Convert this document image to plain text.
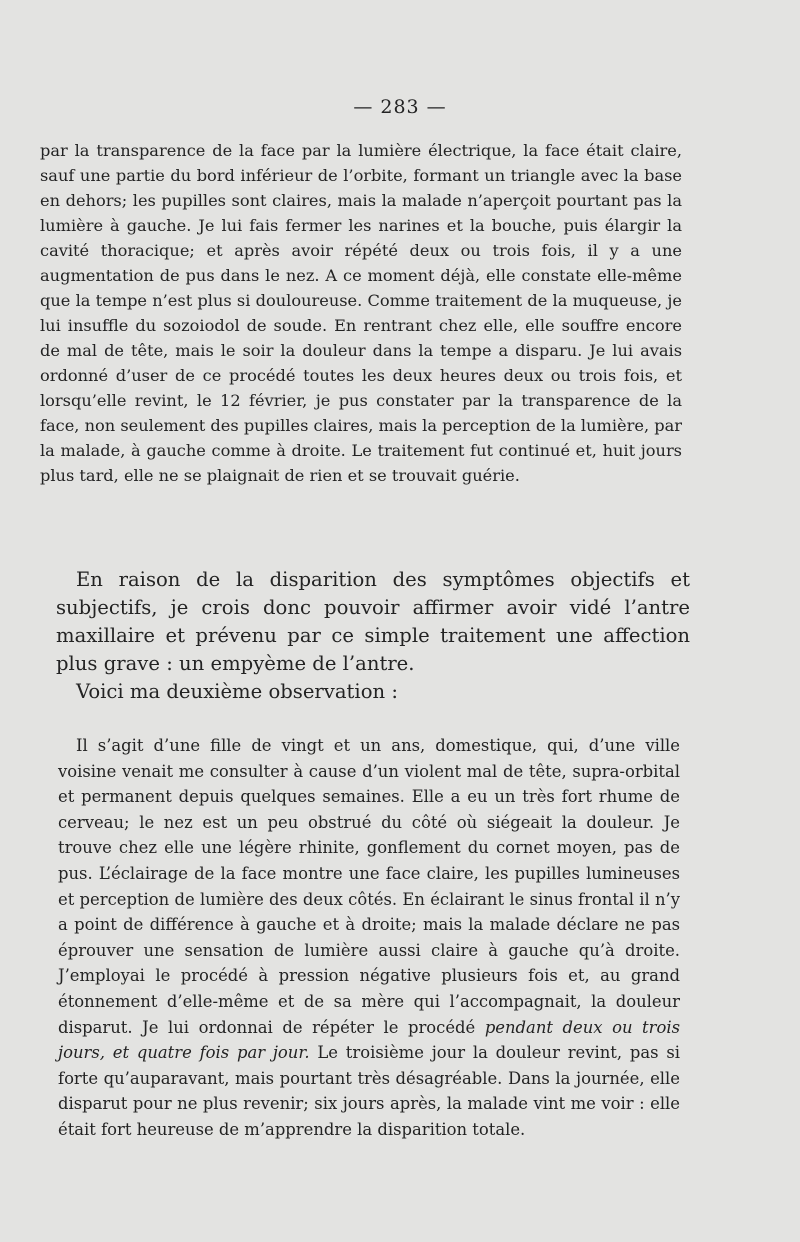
— 283 —

par la transparence de la face par la lumière électrique, la face était claire, sauf une partie du bord inférieur de l’orbite, formant un triangle avec la base en dehors; les pupilles sont claires, mais la malade n’aperçoit pourtant pas la lumière à gauche. Je lui fais fermer les narines et la bouche, puis élargir la cavité thoracique; et après avoir répété deux ou trois fois, il y a une augmentation de pus dans le nez. A ce moment déjà, elle constate elle-même que la tempe n’est plus si douloureuse. Comme traitement de la muqueuse, je lui insuffle du sozoiodol de soude. En rentrant chez elle, elle souffre encore de mal de tête, mais le soir la douleur dans la tempe a disparu. Je lui avais ordonné d’user de ce procédé toutes les deux heures deux ou trois fois, et lorsqu’elle revint, le 12 février, je pus constater par la transparence de la face, non seulement des pupilles claires, mais la perception de la lumière, par la malade, à gauche comme à droite. Le traitement fut continué et, huit jours plus tard, elle ne se plaignait de rien et se trouvait guérie.

En raison de la disparition des symptômes objectifs et subjectifs, je crois donc pouvoir affirmer avoir vidé l’antre maxillaire et prévenu par ce simple traitement une affection plus grave : un empyème de l’antre.

Voici ma deuxième observation :

Il s’agit d’une fille de vingt et un ans, domestique, qui, d’une ville voisine venait me consulter à cause d’un violent mal de tête, supra-orbital et permanent depuis quelques semaines. Elle a eu un très fort rhume de cerveau; le nez est un peu obstrué du côté où siégeait la douleur. Je trouve chez elle une légère rhinite, gonflement du cornet moyen, pas de pus. L’éclairage de la face montre une face claire, les pupilles lumineuses et perception de lumière des deux côtés. En éclairant le sinus frontal il n’y a point de différence à gauche et à droite; mais la malade déclare ne pas éprouver une sensation de lumière aussi claire à gauche qu’à droite. J’employai le procédé à pression négative plusieurs fois et, au grand étonnement d’elle-même et de sa mère qui l’accompagnait, la douleur disparut. Je lui ordonnai de répéter le procédé pendant deux ou trois jours, et quatre fois par jour. Le troisième jour la douleur revint, pas si forte qu’auparavant, mais pourtant très désagréable. Dans la journée, elle disparut pour ne plus revenir; six jours après, la malade vint me voir : elle était fort heureuse de m’apprendre la disparition totale.
